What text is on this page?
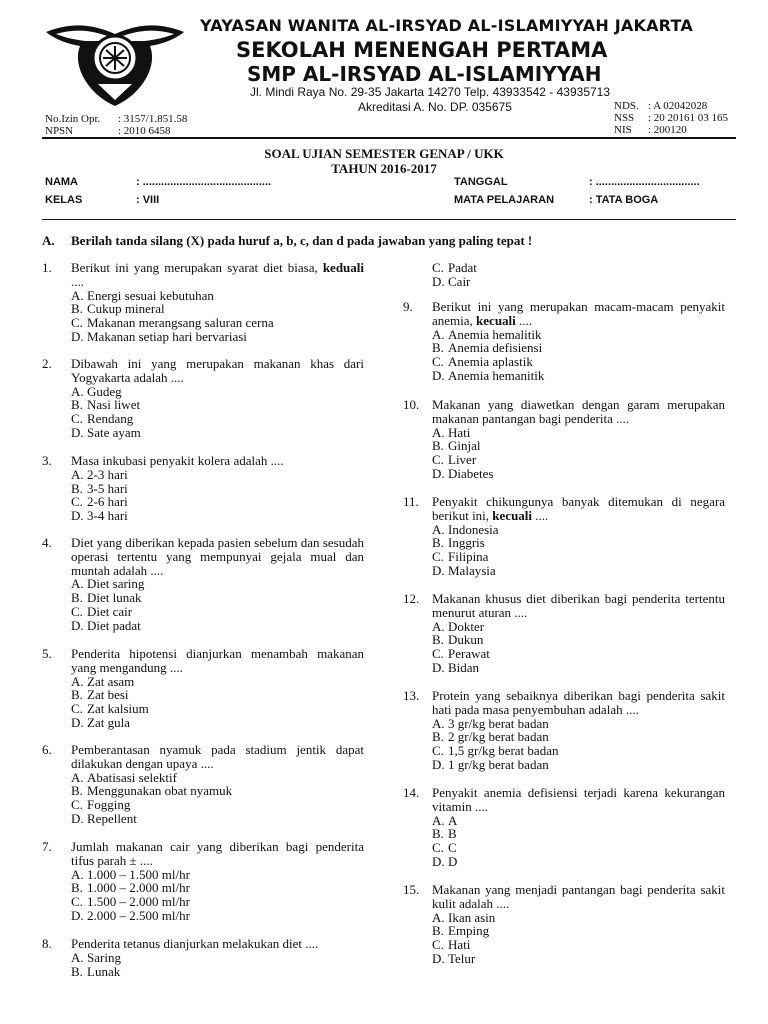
YAYASAN WANITA AL-IRSYAD AL-ISLAMIYYAH JAKARTA
SEKOLAH MENENGAH PERTAMA
SMP AL-IRSYAD AL-ISLAMIYYAH
Jl. Mindi Raya No. 29-35 Jakarta 14270 Telp. 43933542 - 43935713
Akreditasi A. No. DP. 035675
No.Izin Opr. : 3157/1.851.58
NPSN	: 2010 6458
NDS. : A 02042028
NSS : 20 20161 03 165
NIS : 200120
SOAL UJIAN SEMESTER GENAP / UKK
TAHUN 2016-2017
NAMA	: ..........................................	TANGGAL	: ..................................
KELAS	: VIII	MATA PELAJARAN	: TATA BOGA
A. Berilah tanda silang (X) pada huruf a, b, c, dan d pada jawaban yang paling tepat !
1. Berikut ini yang merupakan syarat diet biasa, keduali ....
A. Energi sesuai kebutuhan
B. Cukup mineral
C. Makanan merangsang saluran cerna
D. Makanan setiap hari bervariasi
2. Dibawah ini yang merupakan makanan khas dari Yogyakarta adalah ....
A. Gudeg
B. Nasi liwet
C. Rendang
D. Sate ayam
3. Masa inkubasi penyakit kolera adalah ....
A. 2-3 hari
B. 3-5 hari
C. 2-6 hari
D. 3-4 hari
4. Diet yang diberikan kepada pasien sebelum dan sesudah operasi tertentu yang mempunyai gejala mual dan muntah adalah ....
A. Diet saring
B. Diet lunak
C. Diet cair
D. Diet padat
5. Penderita hipotensi dianjurkan menambah makanan yang mengandung ....
A. Zat asam
B. Zat besi
C. Zat kalsium
D. Zat gula
6. Pemberantasan nyamuk pada stadium jentik dapat dilakukan dengan upaya ....
A. Abatisasi selektif
B. Menggunakan obat nyamuk
C. Fogging
D. Repellent
7. Jumlah makanan cair yang diberikan bagi penderita tifus parah ± ....
A. 1.000 – 1.500 ml/hr
B. 1.000 – 2.000 ml/hr
C. 1.500 – 2.000 ml/hr
D. 2.000 – 2.500 ml/hr
8. Penderita tetanus dianjurkan melakukan diet ....
A. Saring
B. Lunak
C. Padat
D. Cair
9. Berikut ini yang merupakan macam-macam penyakit anemia, kecuali ....
A. Anemia hemalitik
B. Anemia defisiensi
C. Anemia aplastik
D. Anemia hemanitik
10. Makanan yang diawetkan dengan garam merupakan makanan pantangan bagi penderita ....
A. Hati
B. Ginjal
C. Liver
D. Diabetes
11. Penyakit chikungunya banyak ditemukan di negara berikut ini, kecuali ....
A. Indonesia
B. Inggris
C. Filipina
D. Malaysia
12. Makanan khusus diet diberikan bagi penderita tertentu menurut aturan ....
A. Dokter
B. Dukun
C. Perawat
D. Bidan
13. Protein yang sebaiknya diberikan bagi penderita sakit hati pada masa penyembuhan adalah ....
A. 3 gr/kg berat badan
B. 2 gr/kg berat badan
C. 1,5 gr/kg berat badan
D. 1 gr/kg berat badan
14. Penyakit anemia defisiensi terjadi karena kekurangan vitamin ....
A. A
B. B
C. C
D. D
15. Makanan yang menjadi pantangan bagi penderita sakit kulit adalah ....
A. Ikan asin
B. Emping
C. Hati
D. Telur
